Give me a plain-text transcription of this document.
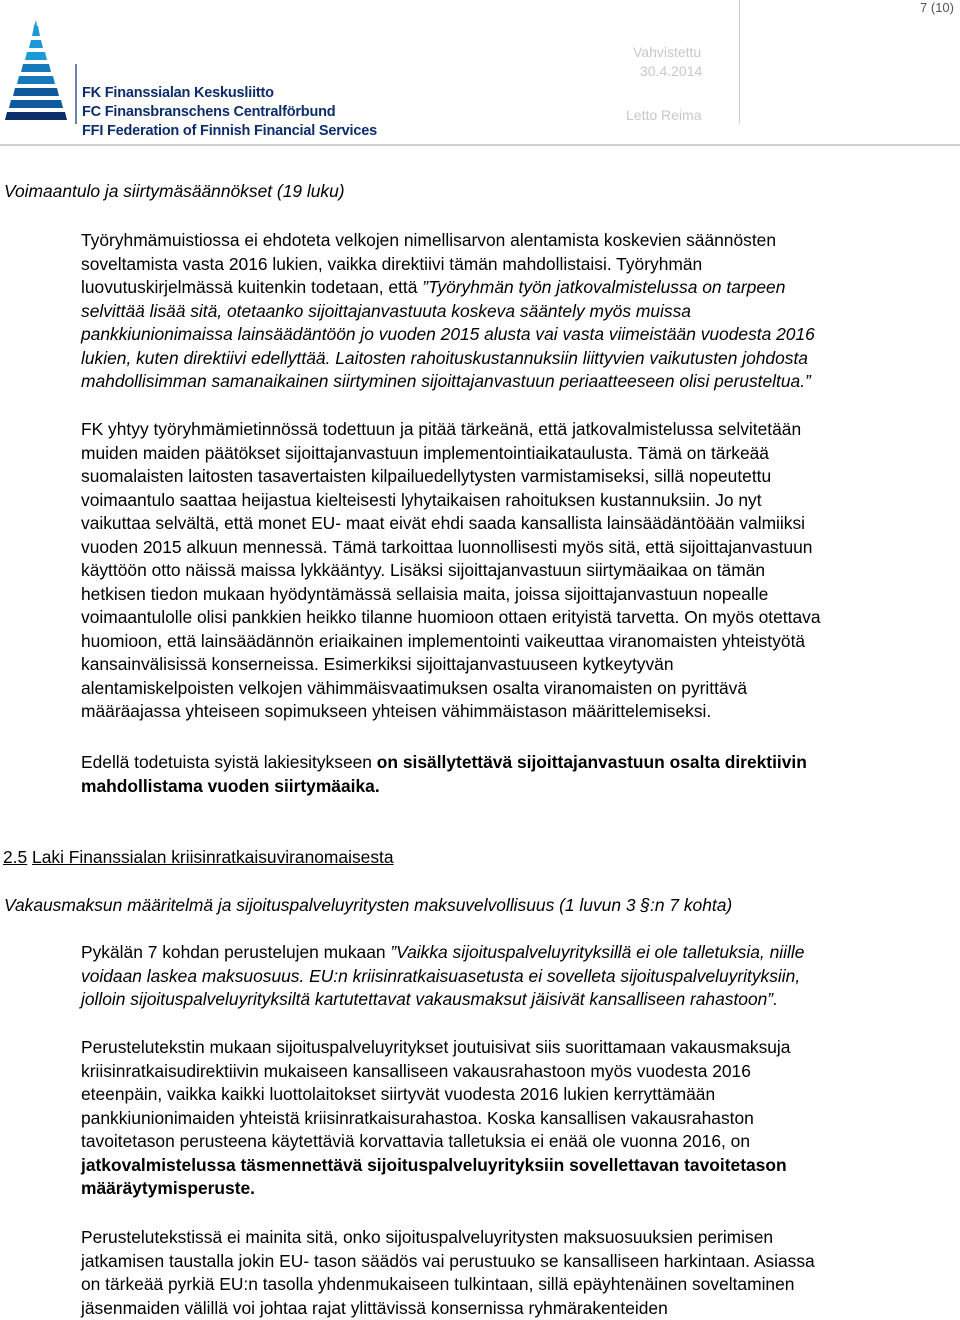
FK Finanssialan Keskusliitto
FC Finansbranschens Centralförbund
FFI Federation of Finnish Financial Services
Vahvistettu
30.4.2014
Letto Reima
7 (10)
Voimaantulo ja siirtymäsäännökset (19 luku)
Työryhmämuistiossa ei ehdoteta velkojen nimellisarvon alentamista koskevien säännösten
soveltamista vasta 2016 lukien, vaikka direktiivi tämän mahdollistaisi. Työryhmän
luovutuskirjelmässä kuitenkin todetaan, että ”Työryhmän työn jatkovalmistelussa on tarpeen
selvittää lisää sitä, otetaanko sijoittajanvastuuta koskeva sääntely myös muissa
pankkiunionimaissa lainsäädäntöön jo vuoden 2015 alusta vai vasta viimeistään vuodesta 2016
lukien, kuten direktiivi edellyttää. Laitosten rahoituskustannuksiin liittyvien vaikutusten johdosta
mahdollisimman samanaikainen siirtyminen sijoittajanvastuun periaatteeseen olisi perusteltua.”
FK yhtyy työryhmämietinnössä todettuun ja pitää tärkeänä, että jatkovalmistelussa selvitetään
muiden maiden päätökset sijoittajanvastuun implementointiaikataulusta. Tämä on tärkeää
suomalaisten laitosten tasavertaisten kilpailuedellytysten varmistamiseksi, sillä nopeutettu
voimaantulo saattaa heijastua kielteisesti lyhytaikaisen rahoituksen kustannuksiin. Jo nyt
vaikuttaa selvältä, että monet EU- maat eivät ehdi saada kansallista lainsäädäntöään valmiiksi
vuoden 2015 alkuun mennessä. Tämä tarkoittaa luonnollisesti myös sitä, että sijoittajanvastuun
käyttöön otto näissä maissa lykkääntyy. Lisäksi sijoittajanvastuun siirtymäaikaa on tämän
hetkisen tiedon mukaan hyödyntämässä sellaisia maita, joissa sijoittajanvastuun nopealle
voimaantulolle olisi pankkien heikko tilanne huomioon ottaen erityistä tarvetta. On myös otettava
huomioon, että lainsäädännön eriaikainen implementointi vaikeuttaa viranomaisten yhteistyötä
kansainvälisissä konserneissa. Esimerkiksi sijoittajanvastuuseen kytkeytyvän
alentamiskelpoisten velkojen vähimmäisvaatimuksen osalta viranomaisten on pyrittävä
määräajassa yhteiseen sopimukseen yhteisen vähimmäistason määrittelemiseksi.
Edellä todetuista syistä lakiesitykseen on sisällytettävä sijoittajanvastuun osalta direktiivin
mahdollistama vuoden siirtymäaika.
2.5 Laki Finanssialan kriisinratkaisuviranomaisesta
Vakausmaksun määritelmä ja sijoituspalveluyritysten maksuvelvollisuus (1 luvun 3 §:n 7 kohta)
Pykälän 7 kohdan perustelujen mukaan ”Vaikka sijoituspalveluyrityksillä ei ole talletuksia, niille
voidaan laskea maksuosuus. EU:n kriisinratkaisuasetusta ei sovelleta sijoituspalveluyrityksiin,
jolloin sijoituspalveluyrityksiltä kartutettavat vakausmaksut jäisivät kansalliseen rahastoon”.
Perustelutekstin mukaan sijoituspalveluyritykset joutuisivat siis suorittamaan vakausmaksuja
kriisinratkaisudirektiivin mukaiseen kansalliseen vakausrahastoon myös vuodesta 2016
eteenpäin, vaikka kaikki luottolaitokset siirtyvät vuodesta 2016 lukien kerryttämään
pankkiunionimaiden yhteistä kriisinratkaisurahastoa. Koska kansallisen vakausrahaston
tavoitetason perusteena käytettäviä korvattavia talletuksia ei enää ole vuonna 2016, on
jatkovalmistelussa täsmennettävä sijoituspalveluyrityksiin sovellettavan tavoitetason
määräytymisperuste.
Perustelutekstissä ei mainita sitä, onko sijoituspalveluyritysten maksuosuuksien perimisen
jatkamisen taustalla jokin EU- tason säädös vai perustuuko se kansalliseen harkintaan. Asiassa
on tärkeää pyrkiä EU:n tasolla yhdenmukaiseen tulkintaan, sillä epäyhtenäinen soveltaminen
jäsenmaiden välillä voi johtaa rajat ylittävissä konsernissa ryhmärakenteiden
